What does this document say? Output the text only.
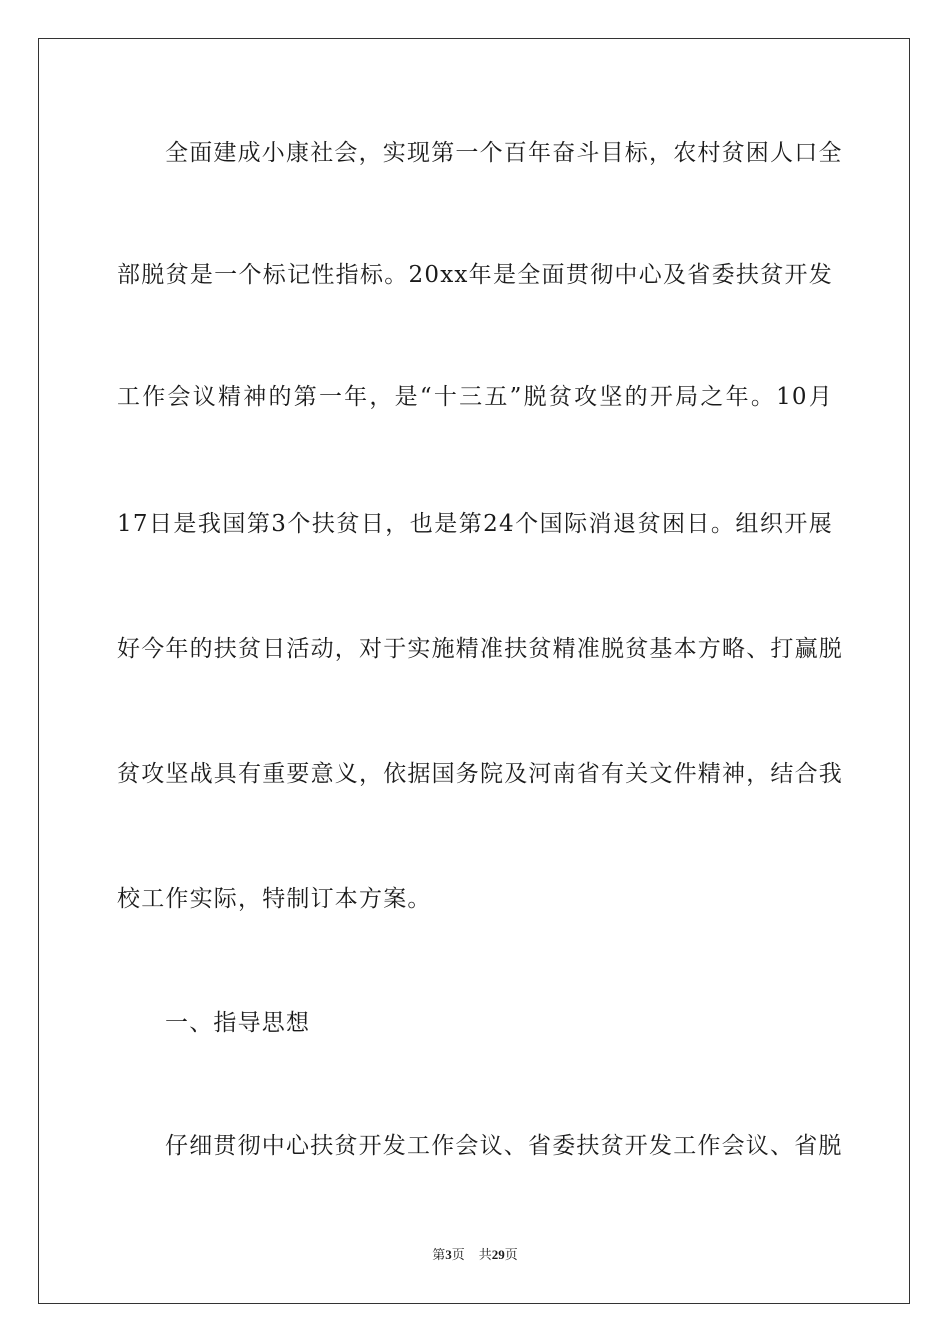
全面建成小康社会，实现第一个百年奋斗目标，农村贫困人口全
部脱贫是一个标记性指标。20xx年是全面贯彻中心及省委扶贫开发
工作会议精神的第一年，是“十三五”脱贫攻坚的开局之年。10月
17日是我国第3个扶贫日，也是第24个国际消退贫困日。组织开展
好今年的扶贫日活动，对于实施精准扶贫精准脱贫基本方略、打赢脱
贫攻坚战具有重要意义，依据国务院及河南省有关文件精神，结合我
校工作实际，特制订本方案。
一、指导思想
仔细贯彻中心扶贫开发工作会议、省委扶贫开发工作会议、省脱
第3页 共29页
